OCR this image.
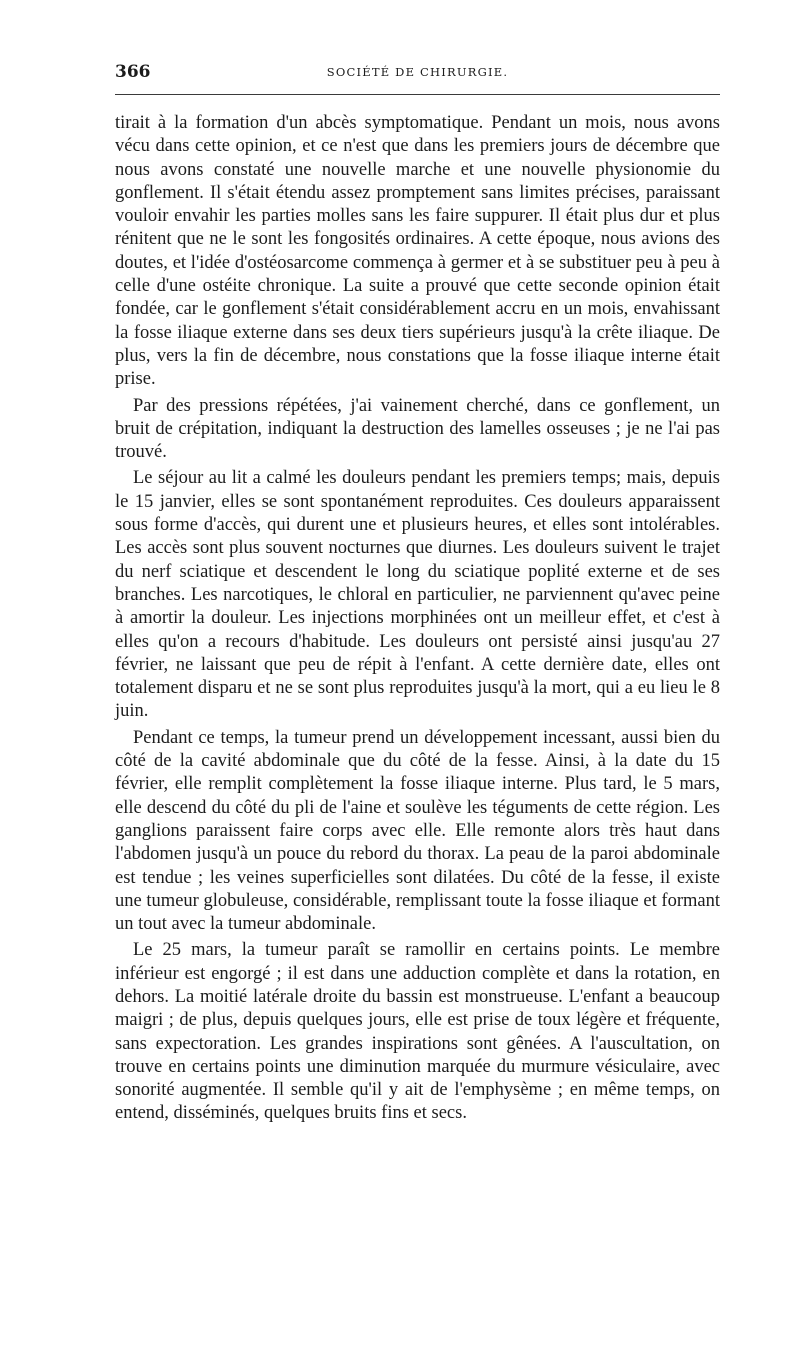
366	SOCIÉTÉ DE CHIRURGIE.

tirait à la formation d'un abcès symptomatique. Pendant un mois, nous avons vécu dans cette opinion, et ce n'est que dans les premiers jours de décembre que nous avons constaté une nouvelle marche et une nouvelle physionomie du gonflement. Il s'était étendu assez promptement sans limites précises, paraissant vouloir envahir les parties molles sans les faire suppurer. Il était plus dur et plus rénitent que ne le sont les fongosités ordinaires. A cette époque, nous avions des doutes, et l'idée d'ostéosarcome commença à germer et à se substituer peu à peu à celle d'une ostéite chronique. La suite a prouvé que cette seconde opinion était fondée, car le gonflement s'était considérablement accru en un mois, envahissant la fosse iliaque externe dans ses deux tiers supérieurs jusqu'à la crête iliaque. De plus, vers la fin de décembre, nous constations que la fosse iliaque interne était prise.

Par des pressions répétées, j'ai vainement cherché, dans ce gonflement, un bruit de crépitation, indiquant la destruction des lamelles osseuses ; je ne l'ai pas trouvé.

Le séjour au lit a calmé les douleurs pendant les premiers temps; mais, depuis le 15 janvier, elles se sont spontanément reproduites. Ces douleurs apparaissent sous forme d'accès, qui durent une et plusieurs heures, et elles sont intolérables. Les accès sont plus souvent nocturnes que diurnes. Les douleurs suivent le trajet du nerf sciatique et descendent le long du sciatique poplité externe et de ses branches. Les narcotiques, le chloral en particulier, ne parviennent qu'avec peine à amortir la douleur. Les injections morphinées ont un meilleur effet, et c'est à elles qu'on a recours d'habitude. Les douleurs ont persisté ainsi jusqu'au 27 février, ne laissant que peu de répit à l'enfant. A cette dernière date, elles ont totalement disparu et ne se sont plus reproduites jusqu'à la mort, qui a eu lieu le 8 juin.

Pendant ce temps, la tumeur prend un développement incessant, aussi bien du côté de la cavité abdominale que du côté de la fesse. Ainsi, à la date du 15 février, elle remplit complètement la fosse iliaque interne. Plus tard, le 5 mars, elle descend du côté du pli de l'aine et soulève les téguments de cette région. Les ganglions paraissent faire corps avec elle. Elle remonte alors très haut dans l'abdomen jusqu'à un pouce du rebord du thorax. La peau de la paroi abdominale est tendue ; les veines superficielles sont dilatées. Du côté de la fesse, il existe une tumeur globuleuse, considérable, remplissant toute la fosse iliaque et formant un tout avec la tumeur abdominale.

Le 25 mars, la tumeur paraît se ramollir en certains points. Le membre inférieur est engorgé ; il est dans une adduction complète et dans la rotation, en dehors. La moitié latérale droite du bassin est monstrueuse. L'enfant a beaucoup maigri ; de plus, depuis quelques jours, elle est prise de toux légère et fréquente, sans expectoration. Les grandes inspirations sont gênées. A l'auscultation, on trouve en certains points une diminution marquée du murmure vésiculaire, avec sonorité augmentée. Il semble qu'il y ait de l'emphysème ; en même temps, on entend, disséminés, quelques bruits fins et secs.
